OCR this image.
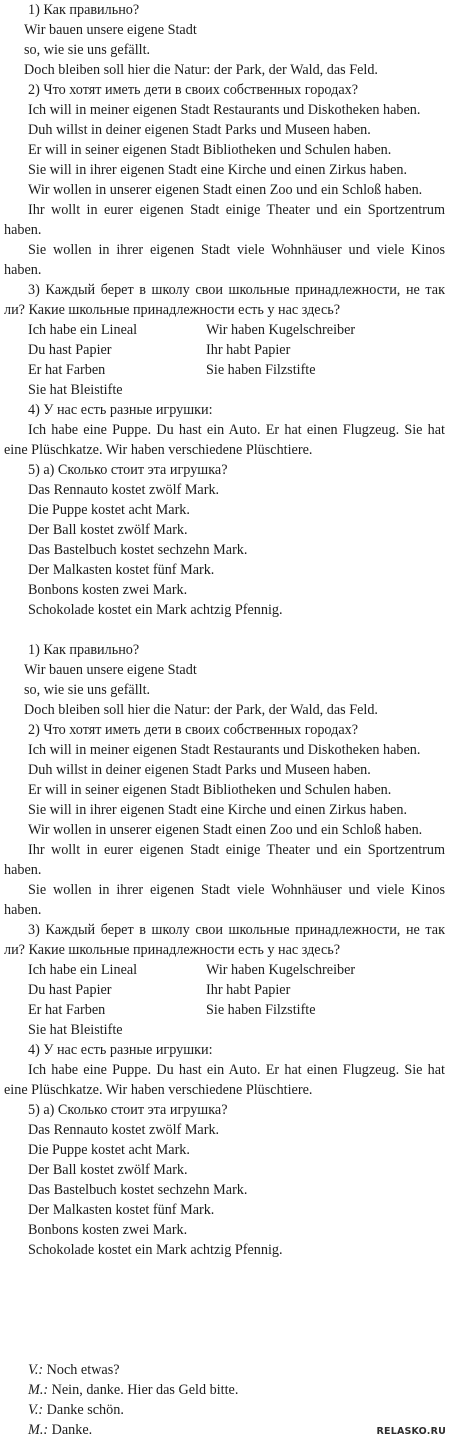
1) Как правильно?

Wir bauen unsere eigene Stadt

so, wie sie uns gefällt.

Doch bleiben soll hier die Natur: der Park, der Wald, das Feld.

2) Что хотят иметь дети в своих собственных городах?

Ich will in meiner eigenen Stadt Restaurants und Diskotheken haben.

Duh willst in deiner eigenen Stadt Parks und Museen haben.

Er will in seiner eigenen Stadt Bibliotheken und Schulen haben.

Sie will in ihrer eigenen Stadt eine Kirche und einen Zirkus haben.

Wir wollen in unserer eigenen Stadt einen Zoo und ein Schloß haben.

Ihr wollt in eurer eigenen Stadt einige Theater und ein Sportzentrum haben.

Sie wollen in ihrer eigenen Stadt viele Wohnhäuser und viele Kinos haben.

3) Каждый берет в школу свои школьные принадлежности, не так ли? Какие школьные принадлежности есть у нас здесь?

Ich habe ein Lineal	Wir haben Kugelschreiber
Du hast Papier	Ihr habt Papier
Er hat Farben	Sie haben Filzstifte
Sie hat Bleistifte

4) У нас есть разные игрушки:

Ich habe eine Puppe. Du hast ein Auto. Er hat einen Flugzeug. Sie hat eine Plüschkatze. Wir haben verschiedene Plüschtiere.

5) а) Сколько стоит эта игрушка?

Das Rennauto kostet zwölf Mark.

Die Puppe kostet acht Mark.

Der Ball kostet zwölf Mark.

Das Bastelbuch kostet sechzehn Mark.

Der Malkasten kostet fünf Mark.

Bonbons kosten zwei Mark.

Schokolade kostet ein Mark achtzig Pfennig.

1) Как правильно?

Wir bauen unsere eigene Stadt

so, wie sie uns gefällt.

Doch bleiben soll hier die Natur: der Park, der Wald, das Feld.

2) Что хотят иметь дети в своих собственных городах?

Ich will in meiner eigenen Stadt Restaurants und Diskotheken haben.

Duh willst in deiner eigenen Stadt Parks und Museen haben.

Er will in seiner eigenen Stadt Bibliotheken und Schulen haben.

Sie will in ihrer eigenen Stadt eine Kirche und einen Zirkus haben.

Wir wollen in unserer eigenen Stadt einen Zoo und ein Schloß haben.

Ihr wollt in eurer eigenen Stadt einige Theater und ein Sportzentrum haben.

Sie wollen in ihrer eigenen Stadt viele Wohnhäuser und viele Kinos haben.

3) Каждый берет в школу свои школьные принадлежности, не так ли? Какие школьные принадлежности есть у нас здесь?

Ich habe ein Lineal	Wir haben Kugelschreiber
Du hast Papier	Ihr habt Papier
Er hat Farben	Sie haben Filzstifte
Sie hat Bleistifte

4) У нас есть разные игрушки:

Ich habe eine Puppe. Du hast ein Auto. Er hat einen Flugzeug. Sie hat eine Plüschkatze. Wir haben verschiedene Plüschtiere.

5) а) Сколько стоит эта игрушка?

Das Rennauto kostet zwölf Mark.

Die Puppe kostet acht Mark.

Der Ball kostet zwölf Mark.

Das Bastelbuch kostet sechzehn Mark.

Der Malkasten kostet fünf Mark.

Bonbons kosten zwei Mark.

Schokolade kostet ein Mark achtzig Pfennig.

V.: Noch etwas?
M.: Nein, danke. Hier das Geld bitte.
V.: Danke schön.
M.: Danke.	RELASKO.RU
